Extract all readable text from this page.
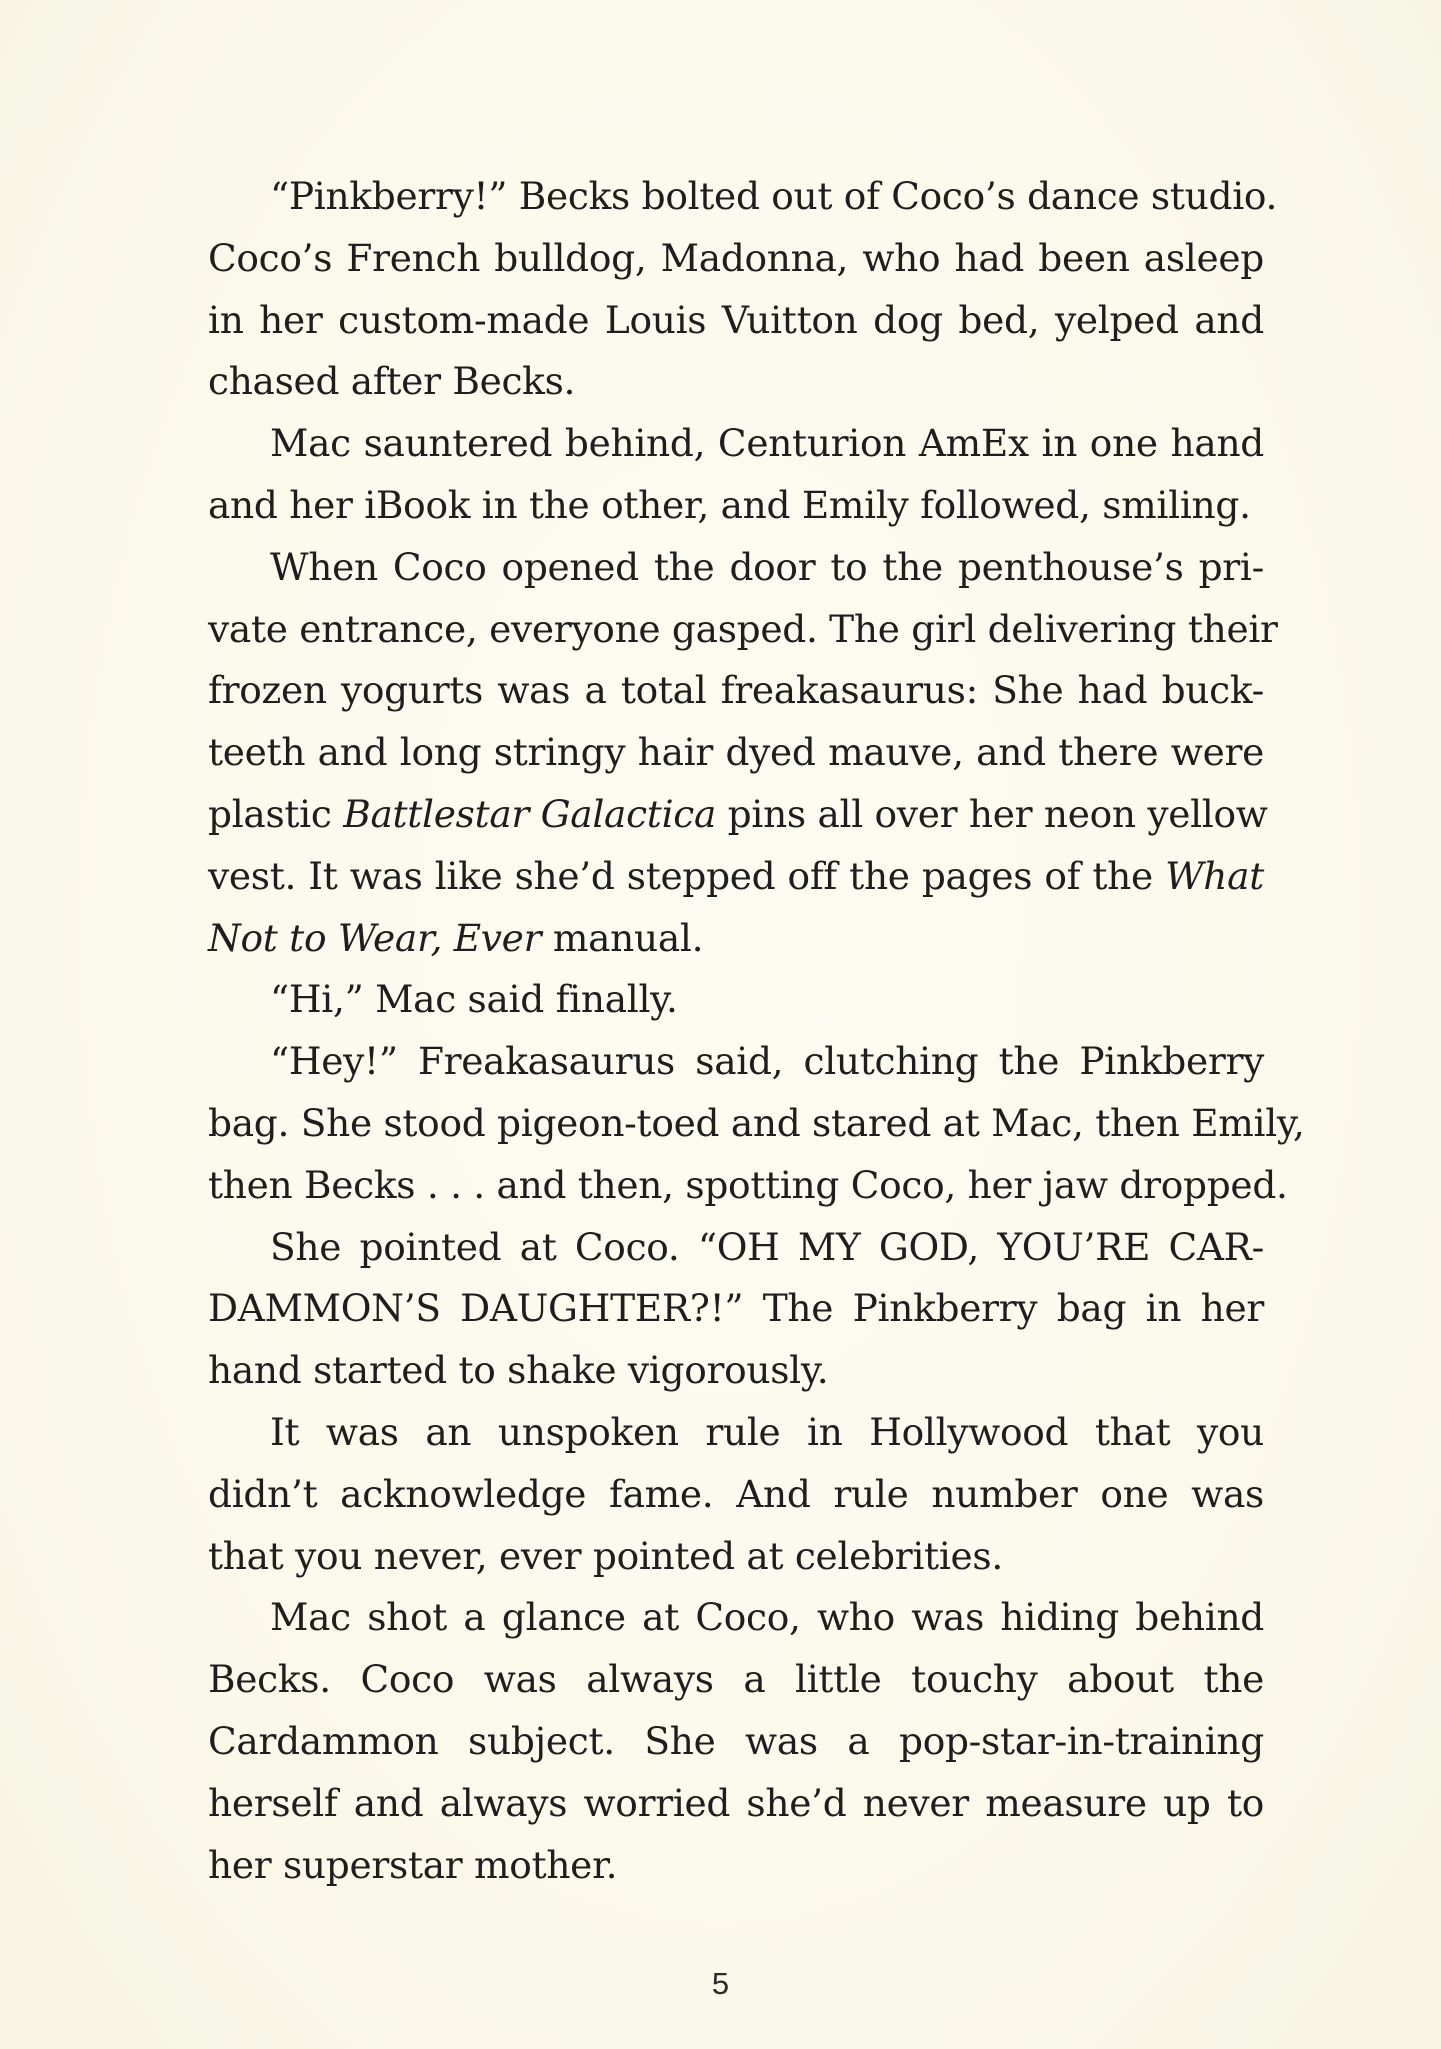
“Pinkberry!” Becks bolted out of Coco’s dance studio.
Coco’s French bulldog, Madonna, who had been asleep
in her custom-made Louis Vuitton dog bed, yelped and
chased after Becks.
Mac sauntered behind, Centurion AmEx in one hand
and her iBook in the other, and Emily followed, smiling.
When Coco opened the door to the penthouse’s pri-
vate entrance, everyone gasped. The girl delivering their
frozen yogurts was a total freakasaurus: She had buck-
teeth and long stringy hair dyed mauve, and there were
plastic Battlestar Galactica pins all over her neon yellow
vest. It was like she’d stepped off the pages of the What
Not to Wear, Ever manual.
“Hi,” Mac said finally.
“Hey!” Freakasaurus said, clutching the Pinkberry
bag. She stood pigeon-toed and stared at Mac, then Emily,
then Becks . . . and then, spotting Coco, her jaw dropped.
She pointed at Coco. “OH MY GOD, YOU’RE CAR-
DAMMON’S DAUGHTER?!” The Pinkberry bag in her
hand started to shake vigorously.
It was an unspoken rule in Hollywood that you
didn’t acknowledge fame. And rule number one was
that you never, ever pointed at celebrities.
Mac shot a glance at Coco, who was hiding behind
Becks. Coco was always a little touchy about the
Cardammon subject. She was a pop-star-in-training
herself and always worried she’d never measure up to
her superstar mother.
5
